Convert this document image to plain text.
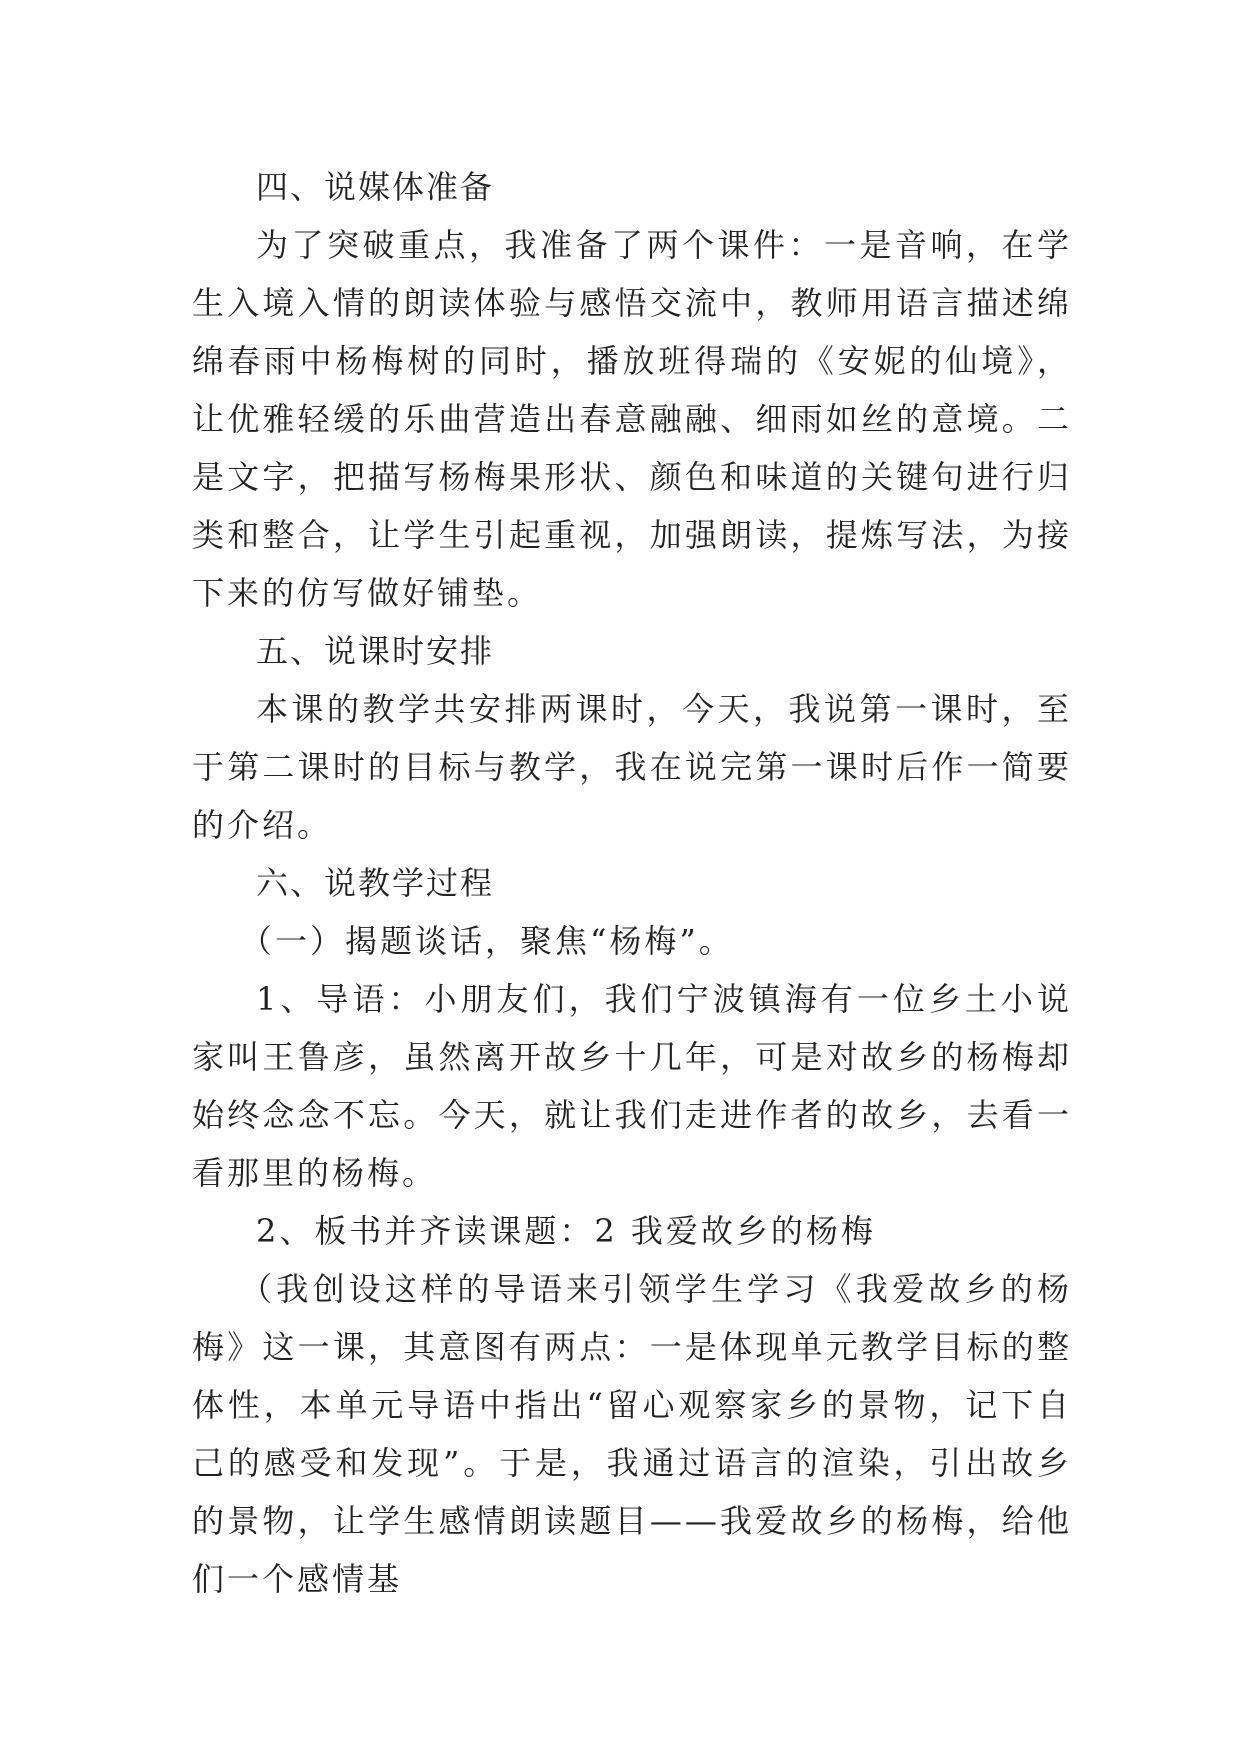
四、说媒体准备

为了突破重点，我准备了两个课件：一是音响，在学生入境入情的朗读体验与感悟交流中，教师用语言描述绵绵春雨中杨梅树的同时，播放班得瑞的《安妮的仙境》，让优雅轻缓的乐曲营造出春意融融、细雨如丝的意境。二是文字，把描写杨梅果形状、颜色和味道的关键句进行归类和整合，让学生引起重视，加强朗读，提炼写法，为接下来的仿写做好铺垫。

五、说课时安排

本课的教学共安排两课时，今天，我说第一课时，至于第二课时的目标与教学，我在说完第一课时后作一简要的介绍。

六、说教学过程

（一）揭题谈话，聚焦“杨梅”。

1、导语：小朋友们，我们宁波镇海有一位乡土小说家叫王鲁彦，虽然离开故乡十几年，可是对故乡的杨梅却始终念念不忘。今天，就让我们走进作者的故乡，去看一看那里的杨梅。

2、板书并齐读课题：2 我爱故乡的杨梅

（我创设这样的导语来引领学生学习《我爱故乡的杨梅》这一课，其意图有两点：一是体现单元教学目标的整体性，本单元导语中指出“留心观察家乡的景物，记下自己的感受和发现”。于是，我通过语言的渲染，引出故乡的景物，让学生感情朗读题目——我爱故乡的杨梅，给他们一个感情基
